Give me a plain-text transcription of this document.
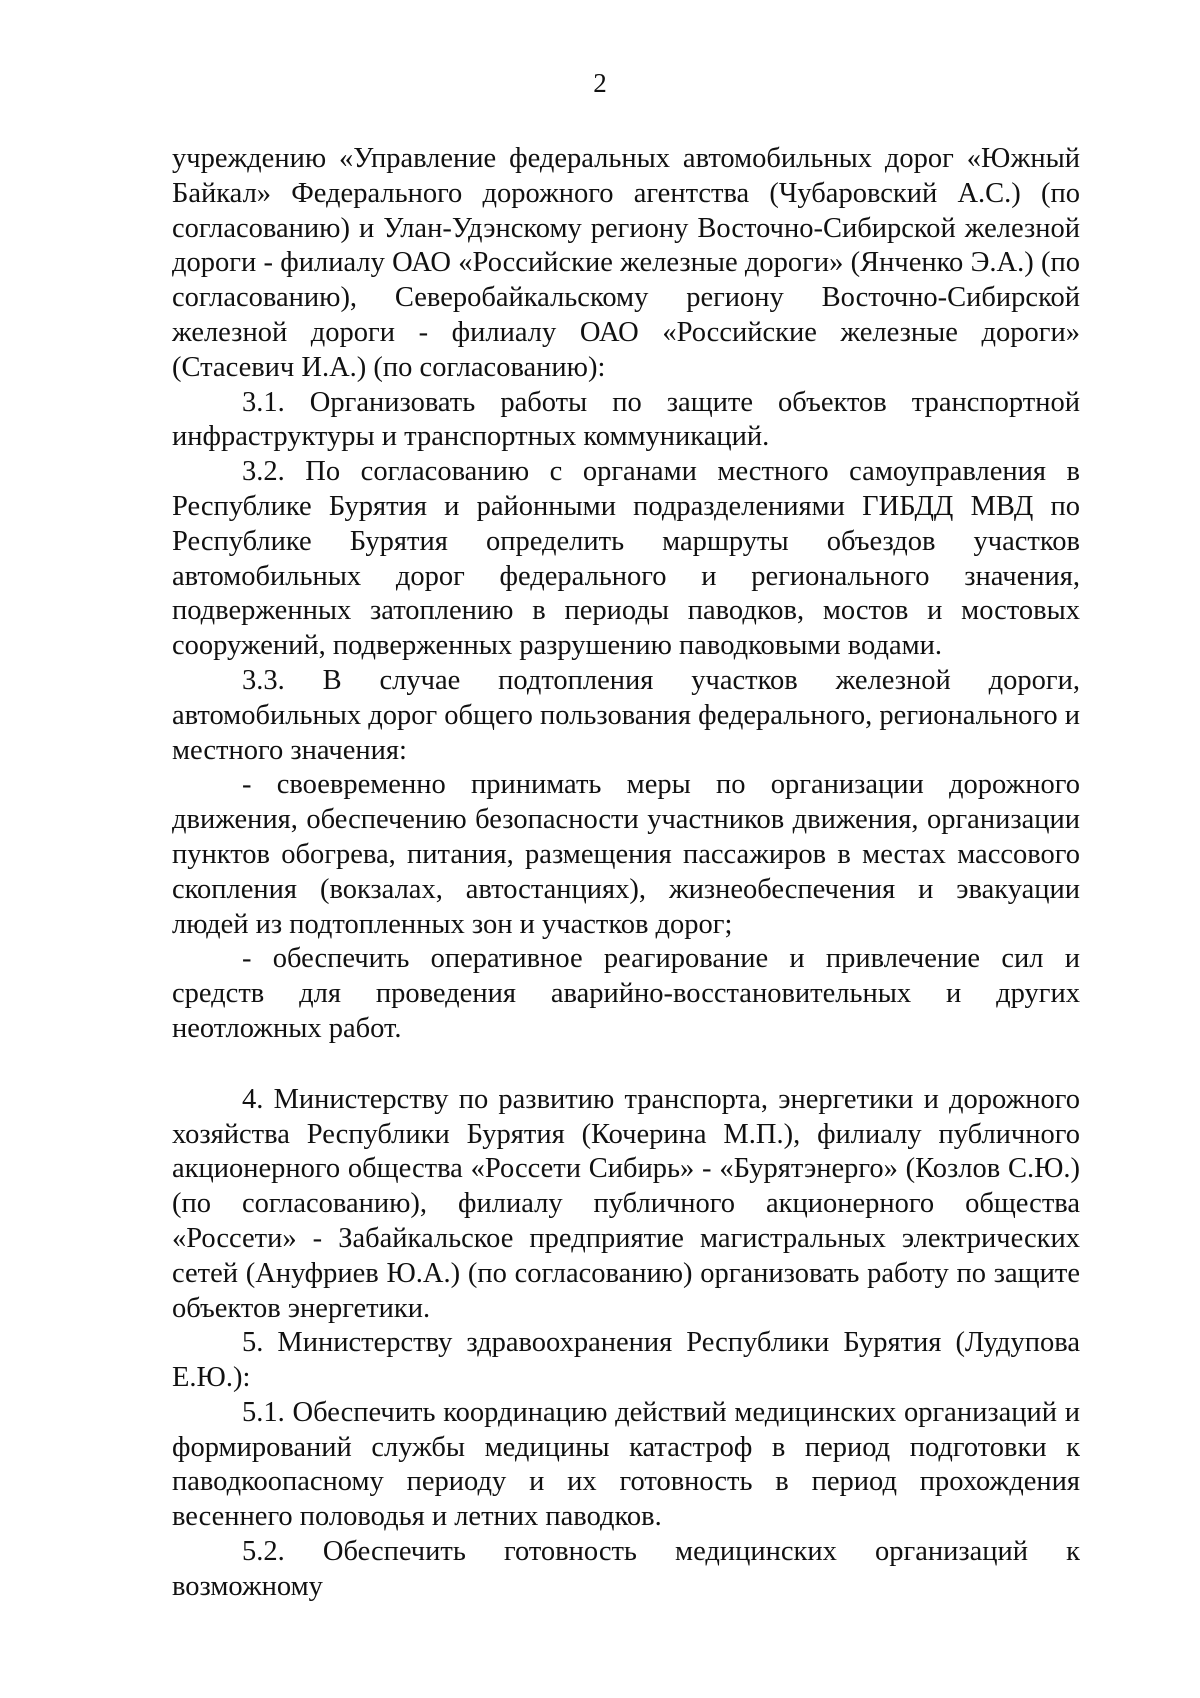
2

учреждению «Управление федеральных автомобильных дорог «Южный Байкал» Федерального дорожного агентства (Чубаровский А.С.) (по согласованию) и Улан-Удэнскому региону Восточно-Сибирской железной дороги - филиалу ОАО «Российские железные дороги» (Янченко Э.А.) (по согласованию), Северобайкальскому региону Восточно-Сибирской железной дороги - филиалу ОАО «Российские железные дороги» (Стасевич И.А.) (по согласованию):

3.1. Организовать работы по защите объектов транспортной инфраструктуры и транспортных коммуникаций.

3.2. По согласованию с органами местного самоуправления в Республике Бурятия и районными подразделениями ГИБДД МВД по Республике Бурятия определить маршруты объездов участков автомобильных дорог федерального и регионального значения, подверженных затоплению в периоды паводков, мостов и мостовых сооружений, подверженных разрушению паводковыми водами.

3.3. В случае подтопления участков железной дороги, автомобильных дорог общего пользования федерального, регионального и местного значения:

- своевременно принимать меры по организации дорожного движения, обеспечению безопасности участников движения, организации пунктов обогрева, питания, размещения пассажиров в местах массового скопления (вокзалах, автостанциях), жизнеобеспечения и эвакуации людей из подтопленных зон и участков дорог;

- обеспечить оперативное реагирование и привлечение сил и средств для проведения аварийно-восстановительных и других неотложных работ.

4. Министерству по развитию транспорта, энергетики и дорожного хозяйства Республики Бурятия (Кочерина М.П.), филиалу публичного акционерного общества «Россети Сибирь» - «Бурятэнерго» (Козлов С.Ю.) (по согласованию), филиалу публичного акционерного общества «Россети» - Забайкальское предприятие магистральных электрических сетей (Ануфриев Ю.А.) (по согласованию) организовать работу по защите объектов энергетики.

5. Министерству здравоохранения Республики Бурятия (Лудупова Е.Ю.):

5.1. Обеспечить координацию действий медицинских организаций и формирований службы медицины катастроф в период подготовки к паводкоопасному периоду и их готовность в период прохождения весеннего половодья и летних паводков.

5.2. Обеспечить готовность медицинских организаций к возможному
